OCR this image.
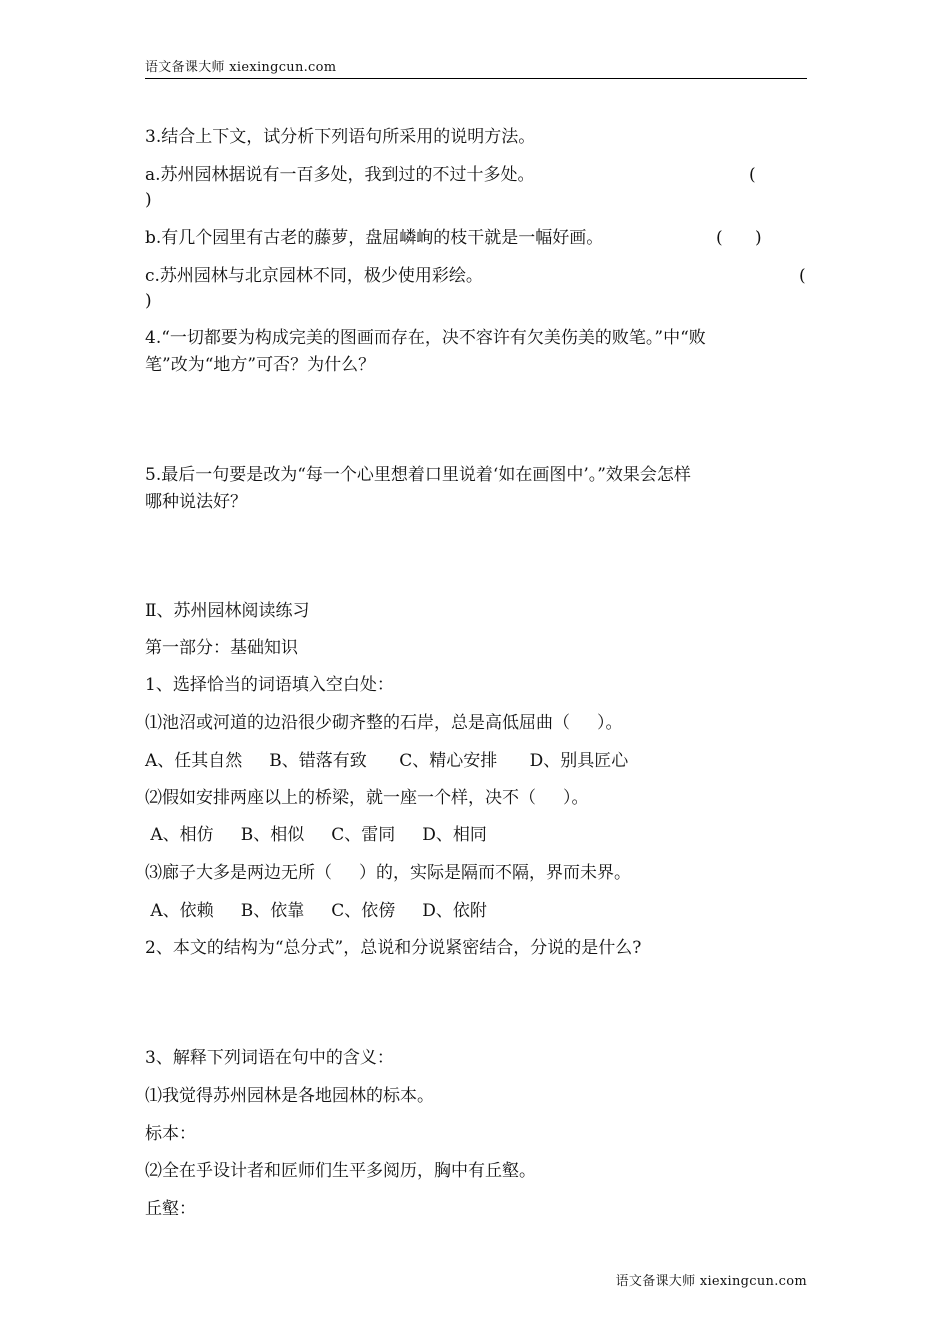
语文备课大师 xiexingcun.com
3.结合上下文，试分析下列语句所采用的说明方法。
a.苏州园林据说有一百多处，我到过的不过十多处。	(
)
b.有几个园里有古老的藤萝，盘屈嶙峋的枝干就是一幅好画。	(      )
c.苏州园林与北京园林不同，极少使用彩绘。	(
)
4.“一切都要为构成完美的图画而存在，决不容许有欠美伤美的败笔。”中“败
笔”改为“地方”可否？为什么？
5.最后一句要是改为“每一个心里想着口里说着‘如在画图中’。”效果会怎样
哪种说法好？
Ⅱ、苏州园林阅读练习
第一部分：基础知识
1、选择恰当的词语填入空白处：
⑴池沼或河道的边沿很少砌齐整的石岸，总是高低屈曲（     ）。
A、任其自然     B、错落有致      C、精心安排      D、别具匠心
⑵假如安排两座以上的桥梁，就一座一个样，决不（     ）。
A、相仿     B、相似     C、雷同     D、相同
⑶廊子大多是两边无所（     ）的，实际是隔而不隔，界而未界。
A、依赖     B、依靠     C、依傍     D、依附
2、本文的结构为“总分式”，总说和分说紧密结合，分说的是什么?
3、解释下列词语在句中的含义：
⑴我觉得苏州园林是各地园林的标本。
标本：
⑵全在乎设计者和匠师们生平多阅历，胸中有丘壑。
丘壑：
语文备课大师 xiexingcun.com
